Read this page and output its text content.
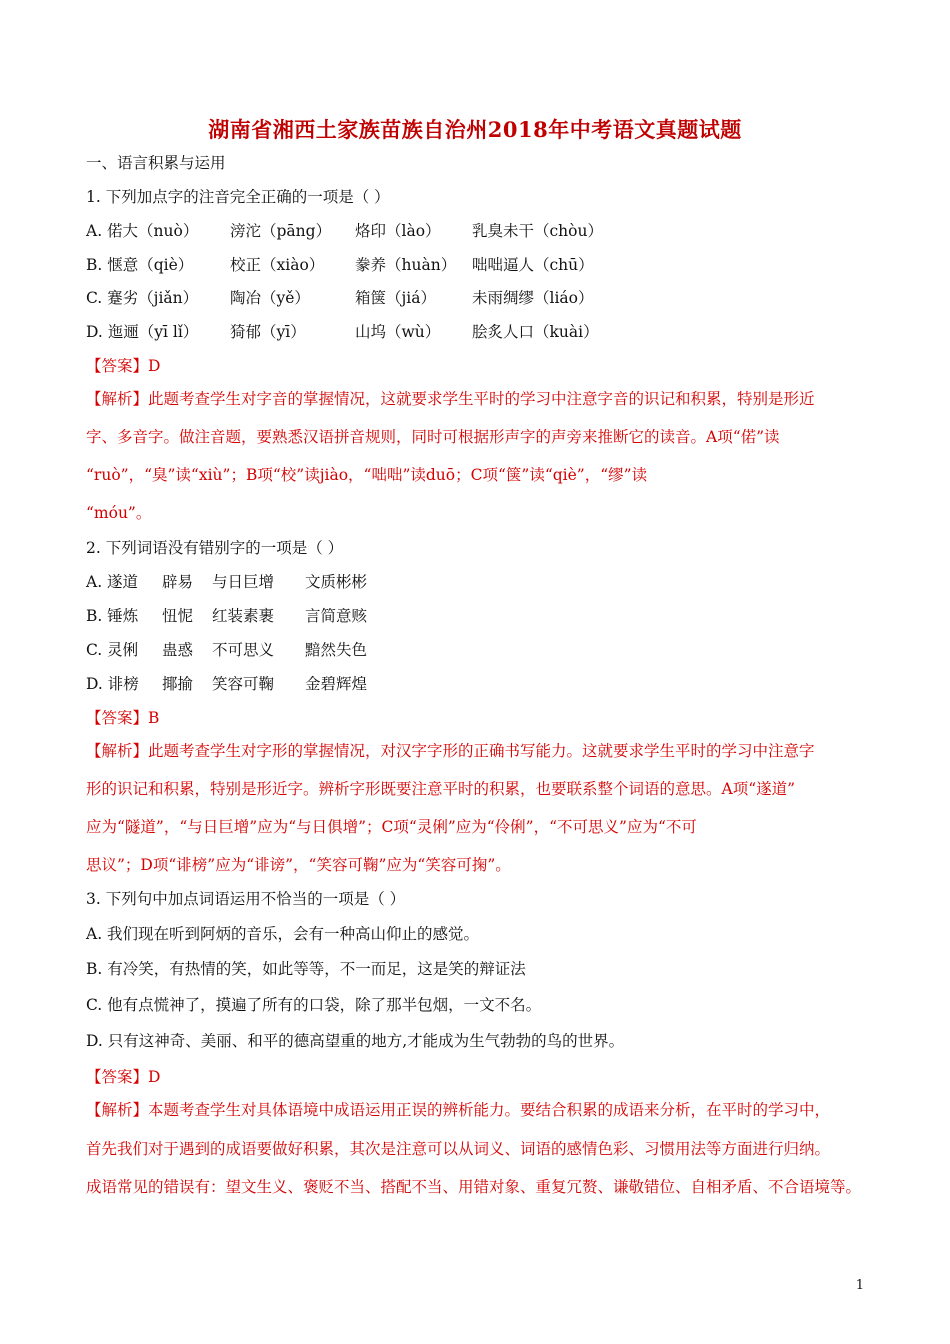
湖南省湘西土家族苗族自治州2018年中考语文真题试题
一、语言积累与运用
1. 下列加点字的注音完全正确的一项是（ ）
A. 偌大（nuò） 滂沱（pāng） 烙印（lào） 乳臭未干（chòu）
B. 惬意（qiè） 校正（xiào） 豢养（huàn） 咄咄逼人（chū）
C. 蹇劣（jiǎn） 陶冶（yě）	箱箧（jiá） 未雨绸缪（liáo）
D. 迤逦（yī lǐ） 猗郁（yī）	山坞（wù） 脍炙人口（kuài）
【答案】D
【解析】此题考查学生对字音的掌握情况，这就要求学生平时的学习中注意字音的识记和积累，特别是形近
字、多音字。做注音题，要熟悉汉语拼音规则，同时可根据形声字的声旁来推断它的读音。A项“偌”读
“ruò”，“臭”读“xiù”；B项“校”读jiào，“咄咄”读duō；C项“箧”读“qiè”，“缪”读
“móu”。
2. 下列词语没有错别字的一项是（ ）
A. 遂道 辟易 与日巨增 文质彬彬
B. 锤炼 忸怩 红装素裹 言简意赅
C. 灵俐 蛊惑 不可思义 黯然失色
D. 诽榜 揶揄 笑容可鞠 金碧辉煌
【答案】B
【解析】此题考查学生对字形的掌握情况，对汉字字形的正确书写能力。这就要求学生平时的学习中注意字
形的识记和积累，特别是形近字。辨析字形既要注意平时的积累，也要联系整个词语的意思。A项“遂道”
应为“隧道”，“与日巨增”应为“与日俱增”；C项“灵俐”应为“伶俐”，“不可思义”应为“不可
思议”；D项“诽榜”应为“诽谤”，“笑容可鞠”应为“笑容可掬”。
3. 下列句中加点词语运用不恰当的一项是（ ）
A. 我们现在听到阿炳的音乐，会有一种高山仰止的感觉。
B. 有冷笑，有热情的笑，如此等等，不一而足，这是笑的辩证法
C. 他有点慌神了，摸遍了所有的口袋，除了那半包烟，一文不名。
D. 只有这神奇、美丽、和平的德高望重的地方,才能成为生气勃勃的鸟的世界。
【答案】D
【解析】本题考查学生对具体语境中成语运用正误的辨析能力。要结合积累的成语来分析，在平时的学习中，
首先我们对于遇到的成语要做好积累，其次是注意可以从词义、词语的感情色彩、习惯用法等方面进行归纳。
成语常见的错误有：望文生义、褒贬不当、搭配不当、用错对象、重复冗赘、谦敬错位、自相矛盾、不合语境等。
1
